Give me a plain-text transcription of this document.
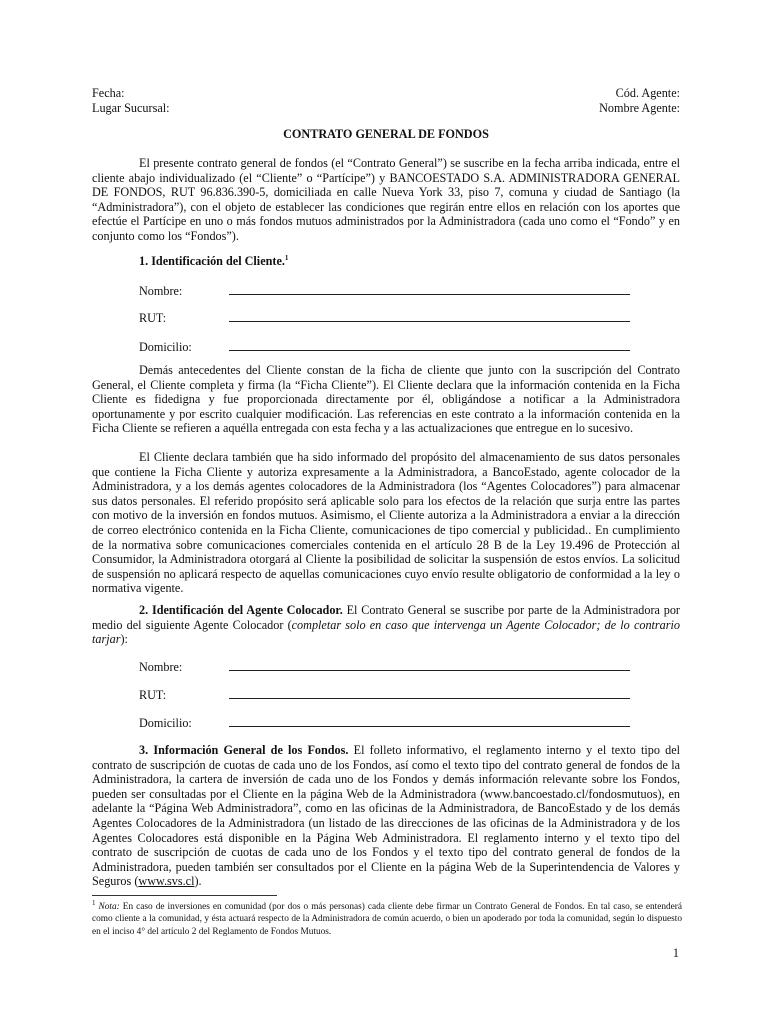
Fecha:
Lugar Sucursal:
Cód. Agente:
Nombre Agente:
CONTRATO GENERAL DE FONDOS

El presente contrato general de fondos (el “Contrato General”) se suscribe en la fecha arriba indicada, entre el cliente abajo individualizado (el “Cliente” o “Partícipe”) y BANCOESTADO S.A. ADMINISTRADORA GENERAL DE FONDOS, RUT 96.836.390-5, domiciliada en calle Nueva York 33, piso 7, comuna y ciudad de Santiago (la “Administradora”), con el objeto de establecer las condiciones que regirán entre ellos en relación con los aportes que efectúe el Partícipe en uno o más fondos mutuos administrados por la Administradora (cada uno como el “Fondo” y en conjunto como los “Fondos”).

1. Identificación del Cliente.$^1$
Nombre:
RUT:
Domicilio:

Demás antecedentes del Cliente constan de la ficha de cliente que junto con la suscripción del Contrato General, el Cliente completa y firma (la “Ficha Cliente”). El Cliente declara que la información contenida en la Ficha Cliente es fidedigna y fue proporcionada directamente por él, obligándose a notificar a la Administradora oportunamente y por escrito cualquier modificación. Las referencias en este contrato a la información contenida en la Ficha Cliente se refieren a aquélla entregada con esta fecha y a las actualizaciones que entregue en lo sucesivo.

El Cliente declara también que ha sido informado del propósito del almacenamiento de sus datos personales que contiene la Ficha Cliente y autoriza expresamente a la Administradora, a BancoEstado, agente colocador de la Administradora, y a los demás agentes colocadores de la Administradora (los “Agentes Colocadores”) para almacenar sus datos personales. El referido propósito será aplicable solo para los efectos de la relación que surja entre las partes con motivo de la inversión en fondos mutuos. Asimismo, el Cliente autoriza a la Administradora a enviar a la dirección de correo electrónico contenida en la Ficha Cliente, comunicaciones de tipo comercial y publicidad.. En cumplimiento de la normativa sobre comunicaciones comerciales contenida en el artículo 28 B de la Ley 19.496 de Protección al Consumidor, la Administradora otorgará al Cliente la posibilidad de solicitar la suspensión de estos envíos. La solicitud de suspensión no aplicará respecto de aquellas comunicaciones cuyo envío resulte obligatorio de conformidad a la ley o normativa vigente.

2. Identificación del Agente Colocador. El Contrato General se suscribe por parte de la Administradora por medio del siguiente Agente Colocador (completar solo en caso que intervenga un Agente Colocador; de lo contrario tarjar):

Nombre:
RUT:
Domicilio:

3. Información General de los Fondos. El folleto informativo, el reglamento interno y el texto tipo del contrato de suscripción de cuotas de cada uno de los Fondos, así como el texto tipo del contrato general de fondos de la Administradora, la cartera de inversión de cada uno de los Fondos y demás información relevante sobre los Fondos, pueden ser consultadas por el Cliente en la página Web de la Administradora (www.bancoestado.cl/fondosmutuos), en adelante la “Página Web Administradora”, como en las oficinas de la Administradora, de BancoEstado y de los demás Agentes Colocadores de la Administradora (un listado de las direcciones de las oficinas de la Administradora y de los Agentes Colocadores está disponible en la Página Web Administradora. El reglamento interno y el texto tipo del contrato de suscripción de cuotas de cada uno de los Fondos y el texto tipo del contrato general de fondos de la Administradora, pueden también ser consultados por el Cliente en la página Web de la Superintendencia de Valores y Seguros (www.svs.cl).

$^1$ Nota: En caso de inversiones en comunidad (por dos o más personas) cada cliente debe firmar un Contrato General de Fondos. En tal caso, se entenderá como cliente a la comunidad, y ésta actuará respecto de la Administradora de común acuerdo, o bien un apoderado por toda la comunidad, según lo dispuesto en el inciso 4° del artículo 2 del Reglamento de Fondos Mutuos.

1
